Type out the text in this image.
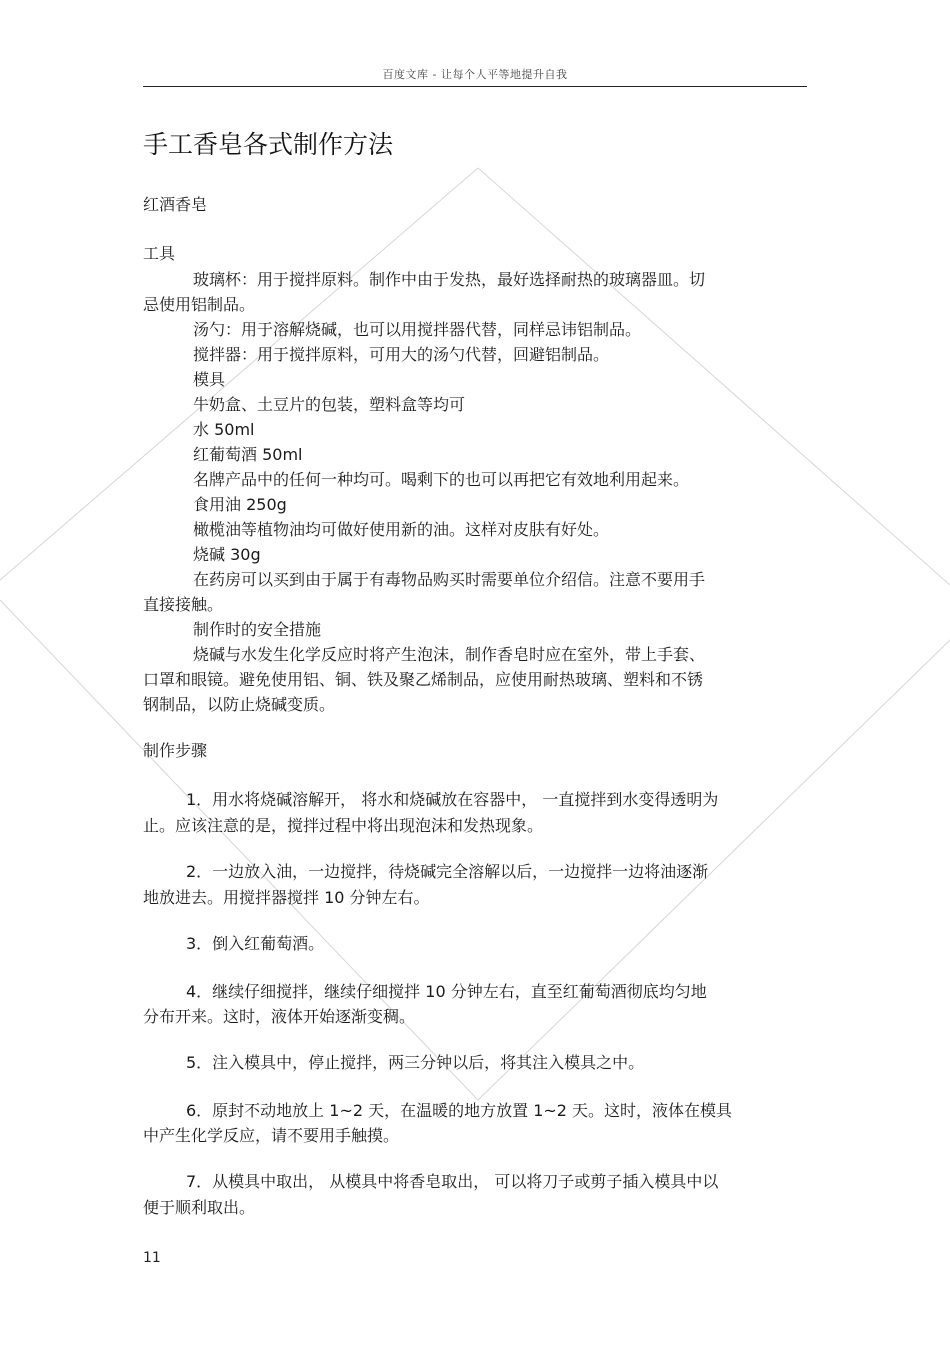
百度文库 - 让每个人平等地提升自我
手工香皂各式制作方法
红酒香皂
工具
玻璃杯：用于搅拌原料。制作中由于发热，最好选择耐热的玻璃器皿。切
忌使用铝制品。
汤勺：用于溶解烧碱，也可以用搅拌器代替，同样忌讳铝制品。
搅拌器：用于搅拌原料，可用大的汤勺代替，回避铝制品。
模具
牛奶盒、土豆片的包装，塑料盒等均可
水 50ml
红葡萄酒 50ml
名牌产品中的任何一种均可。喝剩下的也可以再把它有效地利用起来。
食用油 250g
橄榄油等植物油均可做好使用新的油。这样对皮肤有好处。
烧碱 30g
在药房可以买到由于属于有毒物品购买时需要单位介绍信。注意不要用手
直接接触。
制作时的安全措施
烧碱与水发生化学反应时将产生泡沫，制作香皂时应在室外，带上手套、
口罩和眼镜。避免使用铝、铜、铁及聚乙烯制品，应使用耐热玻璃、塑料和不锈
钢制品，以防止烧碱变质。
制作步骤
1．用水将烧碱溶解开， 将水和烧碱放在容器中， 一直搅拌到水变得透明为
止。应该注意的是，搅拌过程中将出现泡沫和发热现象。
2．一边放入油，一边搅拌，待烧碱完全溶解以后，一边搅拌一边将油逐渐
地放进去。用搅拌器搅拌 10 分钟左右。
3．倒入红葡萄酒。
4．继续仔细搅拌，继续仔细搅拌 10 分钟左右，直至红葡萄酒彻底均匀地
分布开来。这时，液体开始逐渐变稠。
5．注入模具中，停止搅拌，两三分钟以后，将其注入模具之中。
6．原封不动地放上 1~2 天，在温暖的地方放置 1~2 天。这时，液体在模具
中产生化学反应，请不要用手触摸。
7．从模具中取出， 从模具中将香皂取出， 可以将刀子或剪子插入模具中以
便于顺利取出。
11
